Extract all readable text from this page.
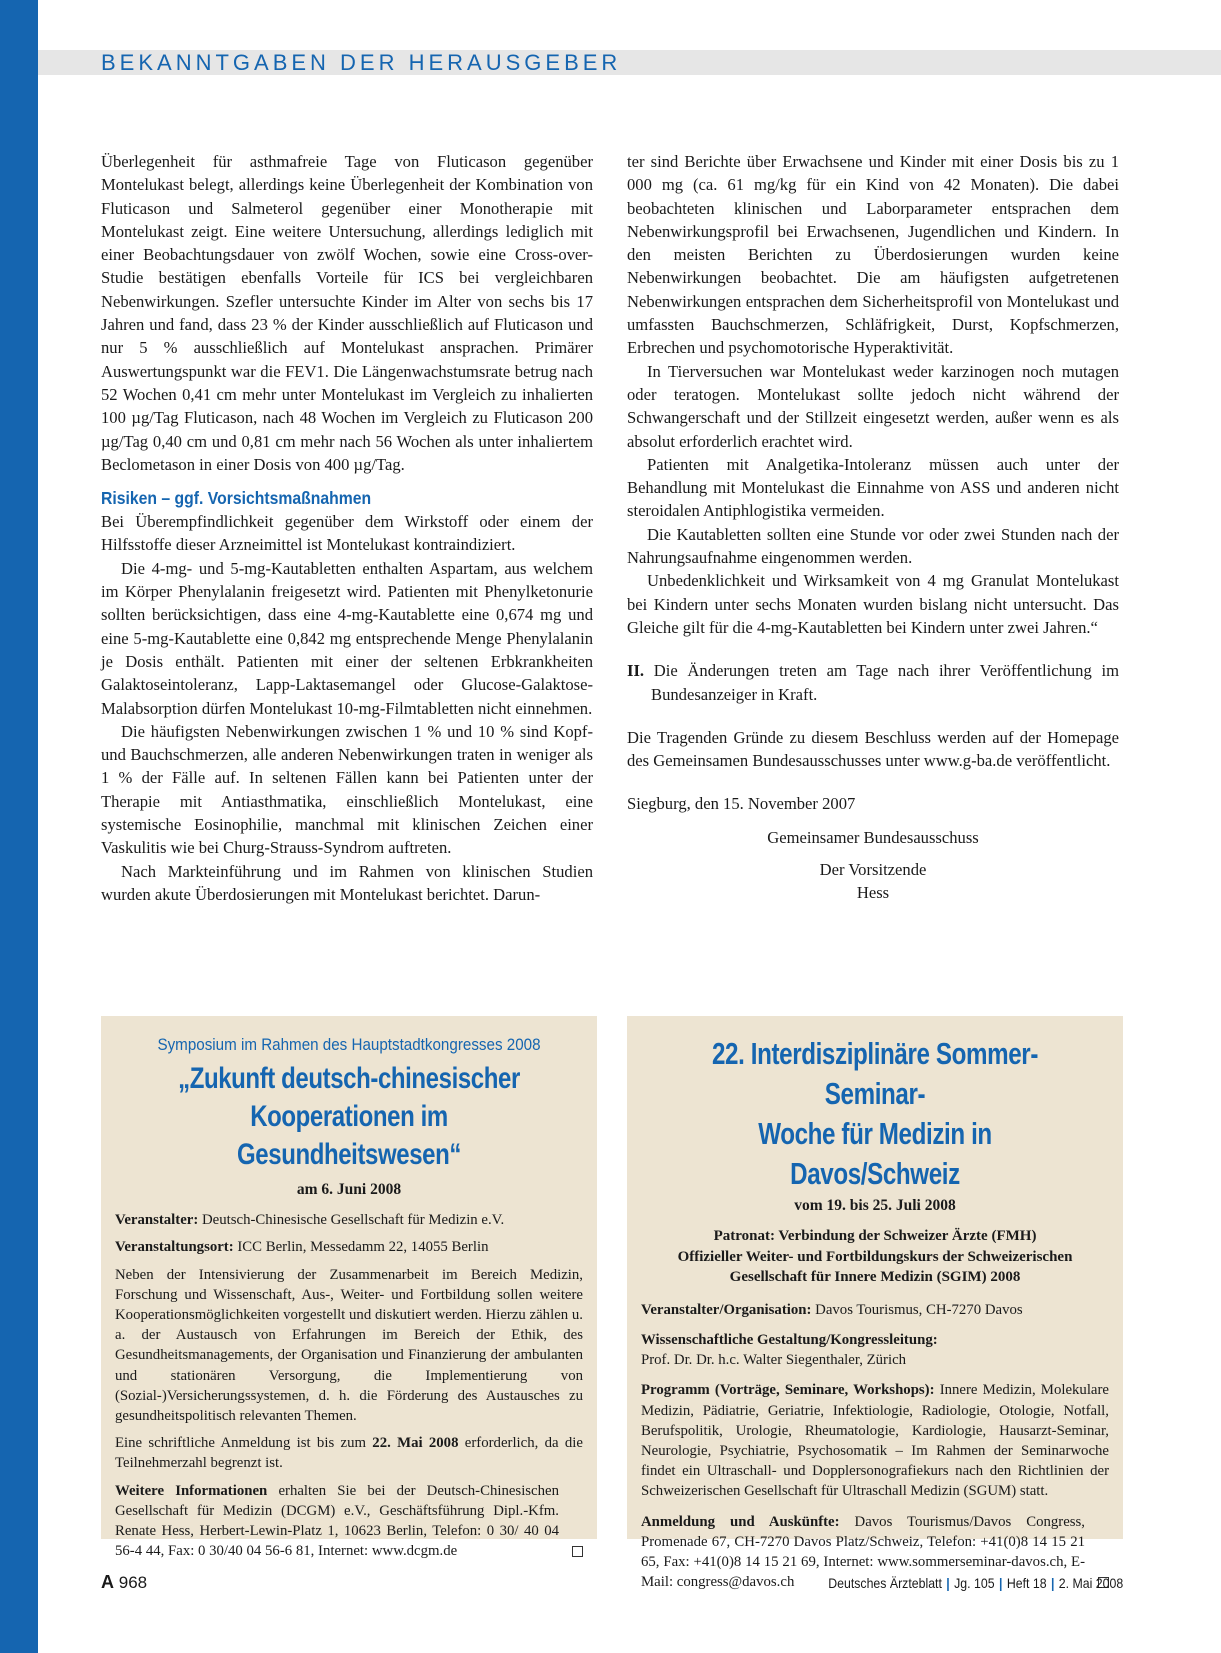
BEKANNTGABEN DER HERAUSGEBER

Überlegenheit für asthmafreie Tage von Fluticason gegenüber Montelukast belegt, allerdings keine Überlegenheit der Kombination von Fluticason und Salmeterol gegenüber einer Monotherapie mit Montelukast zeigt. Eine weitere Untersuchung, allerdings lediglich mit einer Beobachtungsdauer von zwölf Wochen, sowie eine Cross-over-Studie bestätigen ebenfalls Vorteile für ICS bei vergleichbaren Nebenwirkungen. Szefler untersuchte Kinder im Alter von sechs bis 17 Jahren und fand, dass 23 % der Kinder ausschließlich auf Fluticason und nur 5 % ausschließlich auf Montelukast ansprachen. Primärer Auswertungspunkt war die FEV1. Die Längenwachstumsrate betrug nach 52 Wochen 0,41 cm mehr unter Montelukast im Vergleich zu inhalierten 100 µg/Tag Fluticason, nach 48 Wochen im Vergleich zu Fluticason 200 µg/Tag 0,40 cm und 0,81 cm mehr nach 56 Wochen als unter inhaliertem Beclometason in einer Dosis von 400 µg/Tag.

Risiken – ggf. Vorsichtsmaßnahmen

Bei Überempfindlichkeit gegenüber dem Wirkstoff oder einem der Hilfsstoffe dieser Arzneimittel ist Montelukast kontraindiziert.

Die 4-mg- und 5-mg-Kautabletten enthalten Aspartam, aus welchem im Körper Phenylalanin freigesetzt wird. Patienten mit Phenylketonurie sollten berücksichtigen, dass eine 4-mg-Kautablette eine 0,674 mg und eine 5-mg-Kautablette eine 0,842 mg entsprechende Menge Phenylalanin je Dosis enthält. Patienten mit einer der seltenen Erbkrankheiten Galaktoseintoleranz, Lapp-Laktasemangel oder Glucose-Galaktose-Malabsorption dürfen Montelukast 10-mg-Filmtabletten nicht einnehmen.

Die häufigsten Nebenwirkungen zwischen 1 % und 10 % sind Kopf- und Bauchschmerzen, alle anderen Nebenwirkungen traten in weniger als 1 % der Fälle auf. In seltenen Fällen kann bei Patienten unter der Therapie mit Antiasthmatika, einschließlich Montelukast, eine systemische Eosinophilie, manchmal mit klinischen Zeichen einer Vaskulitis wie bei Churg-Strauss-Syndrom auftreten.

Nach Markteinführung und im Rahmen von klinischen Studien wurden akute Überdosierungen mit Montelukast berichtet. Darun-

ter sind Berichte über Erwachsene und Kinder mit einer Dosis bis zu 1 000 mg (ca. 61 mg/kg für ein Kind von 42 Monaten). Die dabei beobachteten klinischen und Laborparameter entsprachen dem Nebenwirkungsprofil bei Erwachsenen, Jugendlichen und Kindern. In den meisten Berichten zu Überdosierungen wurden keine Nebenwirkungen beobachtet. Die am häufigsten aufgetretenen Nebenwirkungen entsprachen dem Sicherheitsprofil von Montelukast und umfassten Bauchschmerzen, Schläfrigkeit, Durst, Kopfschmerzen, Erbrechen und psychomotorische Hyperaktivität.

In Tierversuchen war Montelukast weder karzinogen noch mutagen oder teratogen. Montelukast sollte jedoch nicht während der Schwangerschaft und der Stillzeit eingesetzt werden, außer wenn es als absolut erforderlich erachtet wird.

Patienten mit Analgetika-Intoleranz müssen auch unter der Behandlung mit Montelukast die Einnahme von ASS und anderen nicht steroidalen Antiphlogistika vermeiden.

Die Kautabletten sollten eine Stunde vor oder zwei Stunden nach der Nahrungsaufnahme eingenommen werden.

Unbedenklichkeit und Wirksamkeit von 4 mg Granulat Montelukast bei Kindern unter sechs Monaten wurden bislang nicht untersucht. Das Gleiche gilt für die 4-mg-Kautabletten bei Kindern unter zwei Jahren.“

II. Die Änderungen treten am Tage nach ihrer Veröffentlichung im Bundesanzeiger in Kraft.

Die Tragenden Gründe zu diesem Beschluss werden auf der Homepage des Gemeinsamen Bundesausschusses unter www.g-ba.de veröffentlicht.

Siegburg, den 15. November 2007

Gemeinsamer Bundesausschuss

Der Vorsitzende

Hess

Symposium im Rahmen des Hauptstadtkongresses 2008

„Zukunft deutsch-chinesischer
Kooperationen im Gesundheitswesen“

am 6. Juni 2008

Veranstalter: Deutsch-Chinesische Gesellschaft für Medizin e.V.

Veranstaltungsort: ICC Berlin, Messedamm 22, 14055 Berlin

Neben der Intensivierung der Zusammenarbeit im Bereich Medizin, Forschung und Wissenschaft, Aus-, Weiter- und Fortbildung sollen weitere Kooperationsmöglichkeiten vorgestellt und diskutiert werden. Hierzu zählen u. a. der Austausch von Erfahrungen im Bereich der Ethik, des Gesundheitsmanagements, der Organisation und Finanzierung der ambulanten und stationären Versorgung, die Implementierung von (Sozial-)Versicherungssystemen, d. h. die Förderung des Austausches zu gesundheitspolitisch relevanten Themen.

Eine schriftliche Anmeldung ist bis zum 22. Mai 2008 erforderlich, da die Teilnehmerzahl begrenzt ist.

Weitere Informationen erhalten Sie bei der Deutsch-Chinesischen Gesellschaft für Medizin (DCGM) e.V., Geschäftsführung Dipl.-Kfm. Renate Hess, Herbert-Lewin-Platz 1, 10623 Berlin, Telefon: 0 30/ 40 04 56-4 44, Fax: 0 30/40 04 56-6 81, Internet: www.dcgm.de

22. Interdisziplinäre Sommer-Seminar-
Woche für Medizin in Davos/Schweiz

vom 19. bis 25. Juli 2008

Patronat: Verbindung der Schweizer Ärzte (FMH)
Offizieller Weiter- und Fortbildungskurs der Schweizerischen
Gesellschaft für Innere Medizin (SGIM) 2008

Veranstalter/Organisation: Davos Tourismus, CH-7270 Davos

Wissenschaftliche Gestaltung/Kongressleitung:
Prof. Dr. Dr. h.c. Walter Siegenthaler, Zürich

Programm (Vorträge, Seminare, Workshops): Innere Medizin, Molekulare Medizin, Pädiatrie, Geriatrie, Infektiologie, Radiologie, Otologie, Notfall, Berufspolitik, Urologie, Rheumatologie, Kardiologie, Hausarzt-Seminar, Neurologie, Psychiatrie, Psychosomatik – Im Rahmen der Seminarwoche findet ein Ultraschall- und Dopplersonografiekurs nach den Richtlinien der Schweizerischen Gesellschaft für Ultraschall Medizin (SGUM) statt.

Anmeldung und Auskünfte: Davos Tourismus/Davos Congress, Promenade 67, CH-7270 Davos Platz/Schweiz, Telefon: +41(0)8 14 15 21 65, Fax: +41(0)8 14 15 21 69, Internet: www.sommerseminar-davos.ch, E-Mail: congress@davos.ch

A 968	Deutsches Ärzteblatt | Jg. 105 | Heft 18 | 2. Mai 2008
